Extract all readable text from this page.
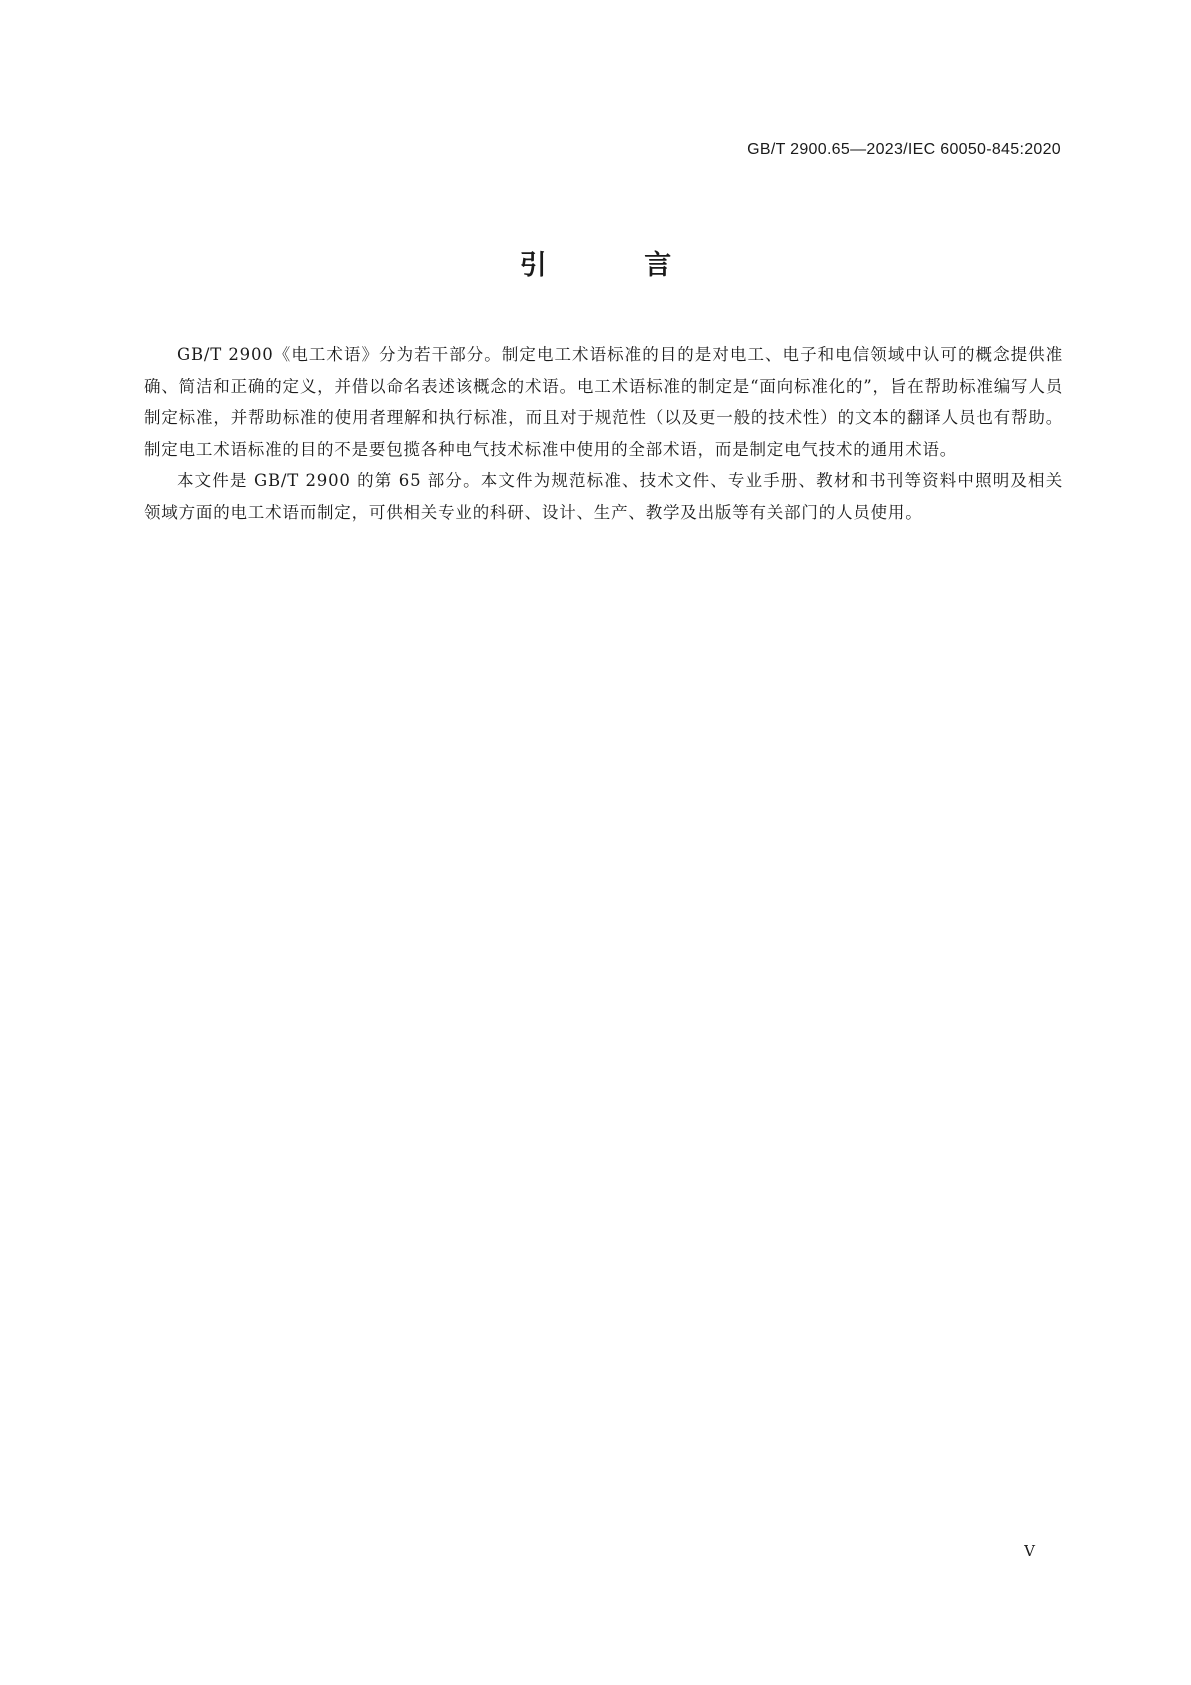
GB/T 2900.65—2023/IEC 60050-845:2020
引 言

GB/T 2900《电工术语》分为若干部分。制定电工术语标准的目的是对电工、电子和电信领域中认可的概念提供准确、简洁和正确的定义，并借以命名表述该概念的术语。电工术语标准的制定是“面向标准化的”，旨在帮助标准编写人员制定标准，并帮助标准的使用者理解和执行标准，而且对于规范性（以及更一般的技术性）的文本的翻译人员也有帮助。制定电工术语标准的目的不是要包揽各种电气技术标准中使用的全部术语，而是制定电气技术的通用术语。

本文件是 GB/T 2900 的第 65 部分。本文件为规范标准、技术文件、专业手册、教材和书刊等资料中照明及相关领域方面的电工术语而制定，可供相关专业的科研、设计、生产、教学及出版等有关部门的人员使用。

V
